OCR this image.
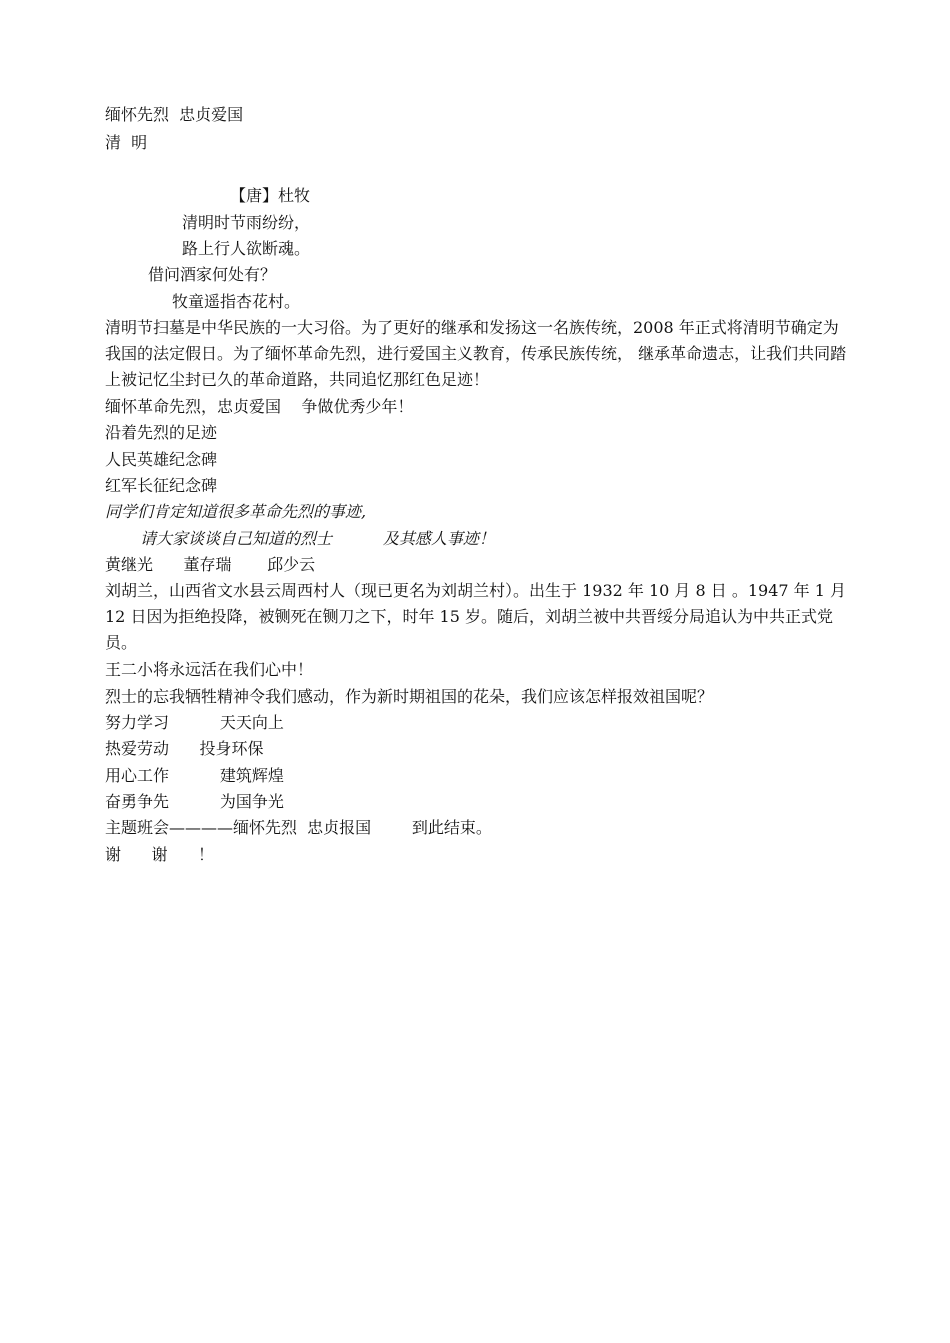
缅怀先烈  忠贞爱国
清  明
【唐】杜牧
清明时节雨纷纷，
路上行人欲断魂。
借问酒家何处有？
牧童遥指杏花村。
清明节扫墓是中华民族的一大习俗。为了更好的继承和发扬这一名族传统，2008 年正式将清明节确定为我国的法定假日。为了缅怀革命先烈，进行爱国主义教育，传承民族传统， 继承革命遗志，让我们共同踏上被记忆尘封已久的革命道路，共同追忆那红色足迹！
缅怀革命先烈，忠贞爱国    争做优秀少年！
沿着先烈的足迹
人民英雄纪念碑
红军长征纪念碑
同学们肯定知道很多革命先烈的事迹,
请大家谈谈自己知道的烈士          及其感人事迹！
黄继光      董存瑞       邱少云
刘胡兰，山西省文水县云周西村人（现已更名为刘胡兰村）。出生于 1932 年 10 月 8 日 。1947 年 1 月 12 日因为拒绝投降，被铡死在铡刀之下，时年 15 岁。随后，刘胡兰被中共晋绥分局追认为中共正式党员。
王二小将永远活在我们心中！
烈士的忘我牺牲精神令我们感动，作为新时期祖国的花朵，我们应该怎样报效祖国呢？
努力学习          天天向上
热爱劳动      投身环保
用心工作          建筑辉煌
奋勇争先          为国争光
主题班会————缅怀先烈  忠贞报国        到此结束。
谢      谢      ！
